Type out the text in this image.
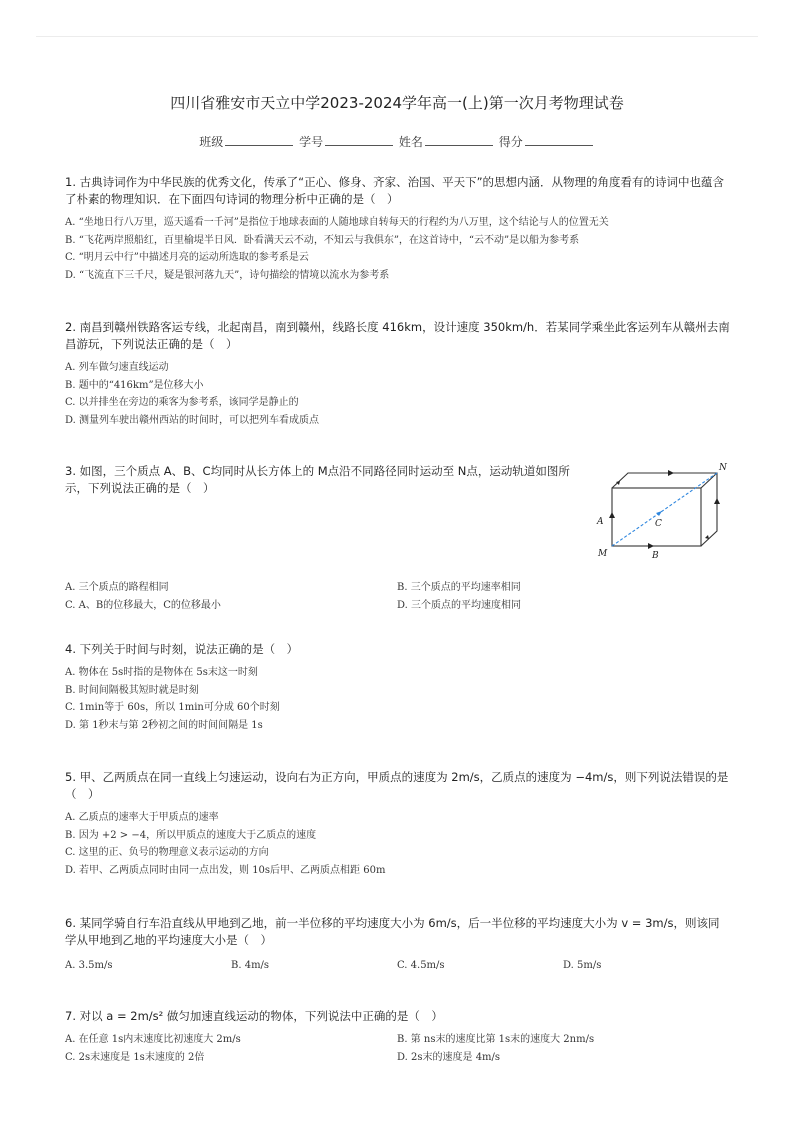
四川省雅安市天立中学2023-2024学年高一(上)第一次月考物理试卷
班级	学号	姓名	得分

1. 古典诗词作为中华民族的优秀文化，传承了“正心、修身、齐家、治国、平天下”的思想内涵．从物理的角度看有的诗词中也蕴含了朴素的物理知识．在下面四句诗词的物理分析中正确的是（　）

A. “坐地日行八万里，巡天遥看一千河”是指位于地球表面的人随地球自转每天的行程约为八万里，这个结论与人的位置无关
B. “飞花两岸照船红，百里榆堤半日风．卧看满天云不动，不知云与我俱东”，在这首诗中，“云不动”是以船为参考系
C. “明月云中行”中描述月亮的运动所选取的参考系是云
D. “飞流直下三千尺，疑是银河落九天”，诗句描绘的情境以流水为参考系

2. 南昌到赣州铁路客运专线，北起南昌，南到赣州，线路长度 416km，设计速度 350km/h．若某同学乘坐此客运列车从赣州去南昌游玩，下列说法正确的是（　）

A. 列车做匀速直线运动
B. 题中的“416km”是位移大小
C. 以并排坐在旁边的乘客为参考系，该同学是静止的
D. 测量列车驶出赣州西站的时间时，可以把列车看成质点

3. 如图，三个质点 A、B、C均同时从长方体上的 M点沿不同路径同时运动至 N点，运动轨道如图所示，下列说法正确的是（　）

A. 三个质点的路程相同	B. 三个质点的平均速率相同
C. A、B的位移最大，C的位移最小	D. 三个质点的平均速度相同
M
N
A
B
C

4. 下列关于时间与时刻，说法正确的是（　）

A. 物体在 5s时指的是物体在 5s末这一时刻
B. 时间间隔极其短时就是时刻
C. 1min等于 60s，所以 1min可分成 60个时刻
D. 第 1秒末与第 2秒初之间的时间间隔是 1s

5. 甲、乙两质点在同一直线上匀速运动，设向右为正方向，甲质点的速度为 2m/s，乙质点的速度为 −4m/s，则下列说法错误的是（　）

A. 乙质点的速率大于甲质点的速率
B. 因为 +2 > −4，所以甲质点的速度大于乙质点的速度
C. 这里的正、负号的物理意义表示运动的方向
D. 若甲、乙两质点同时由同一点出发，则 10s后甲、乙两质点相距 60m

6. 某同学骑自行车沿直线从甲地到乙地，前一半位移的平均速度大小为 6m/s，后一半位移的平均速度大小为 v = 3m/s，则该同学从甲地到乙地的平均速度大小是（　）

A. 3.5m/s	B. 4m/s	C. 4.5m/s	D. 5m/s

7. 对以 a = 2m/s² 做匀加速直线运动的物体，下列说法中正确的是（　）

A. 在任意 1s内末速度比初速度大 2m/s	B. 第 ns末的速度比第 1s末的速度大 2nm/s
C. 2s末速度是 1s末速度的 2倍	D. 2s末的速度是 4m/s
